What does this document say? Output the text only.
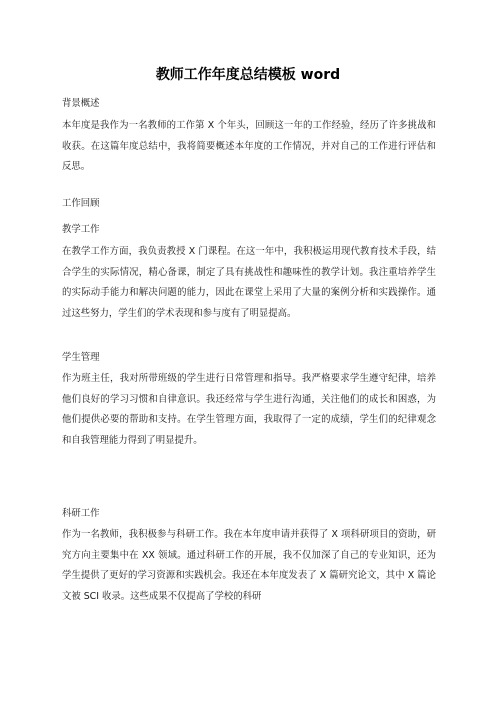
教师工作年度总结模板 word
背景概述
本年度是我作为一名教师的工作第 X 个年头，回顾这一年的工作经验，经历了许多挑战和收获。在这篇年度总结中，我将简要概述本年度的工作情况，并对自己的工作进行评估和反思。
工作回顾
教学工作
在教学工作方面，我负责教授 X 门课程。在这一年中，我积极运用现代教育技术手段，结合学生的实际情况，精心备课，制定了具有挑战性和趣味性的教学计划。我注重培养学生的实际动手能力和解决问题的能力，因此在课堂上采用了大量的案例分析和实践操作。通过这些努力，学生们的学术表现和参与度有了明显提高。
学生管理
作为班主任，我对所带班级的学生进行日常管理和指导。我严格要求学生遵守纪律，培养他们良好的学习习惯和自律意识。我还经常与学生进行沟通，关注他们的成长和困惑，为他们提供必要的帮助和支持。在学生管理方面，我取得了一定的成绩，学生们的纪律观念和自我管理能力得到了明显提升。
科研工作
作为一名教师，我积极参与科研工作。我在本年度申请并获得了 X 项科研项目的资助，研究方向主要集中在 XX 领域。通过科研工作的开展，我不仅加深了自己的专业知识，还为学生提供了更好的学习资源和实践机会。我还在本年度发表了 X 篇研究论文，其中 X 篇论文被 SCI 收录。这些成果不仅提高了学校的科研
